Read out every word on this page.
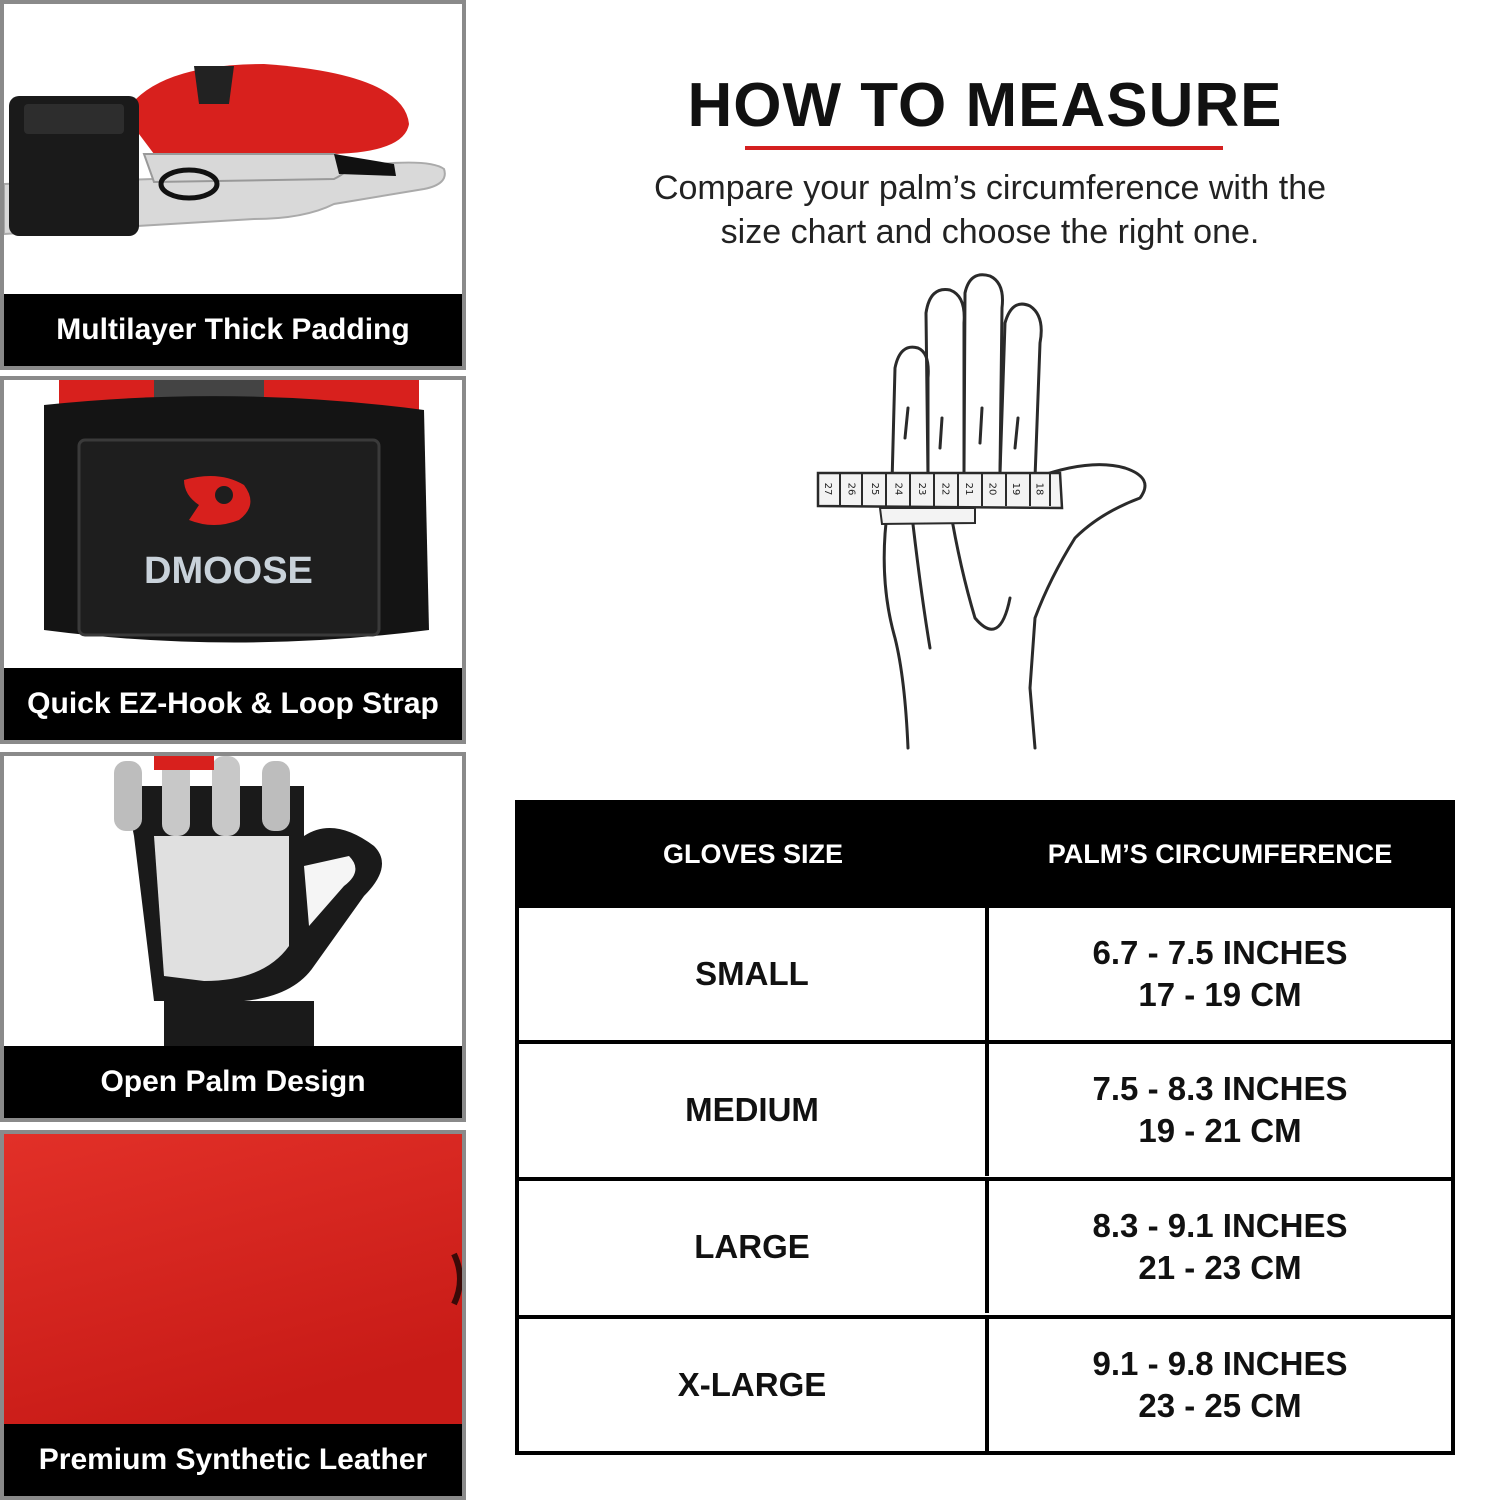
Multilayer Thick Padding
DMOOSE
Quick EZ-Hook & Loop Strap
Open Palm Design
Premium Synthetic Leather
HOW TO MEASURE
Compare your palm’s circumference with the
size chart and choose the right one.
27 26 25 24 23 22 21 20 19 18
GLOVES SIZE	PALM’S CIRCUMFERENCE
SMALL
6.7 - 7.5 INCHES
17 - 19 CM
MEDIUM
7.5 - 8.3 INCHES
19 - 21 CM
LARGE
8.3 - 9.1 INCHES
21 - 23 CM
X-LARGE
9.1 - 9.8 INCHES
23 - 25 CM
